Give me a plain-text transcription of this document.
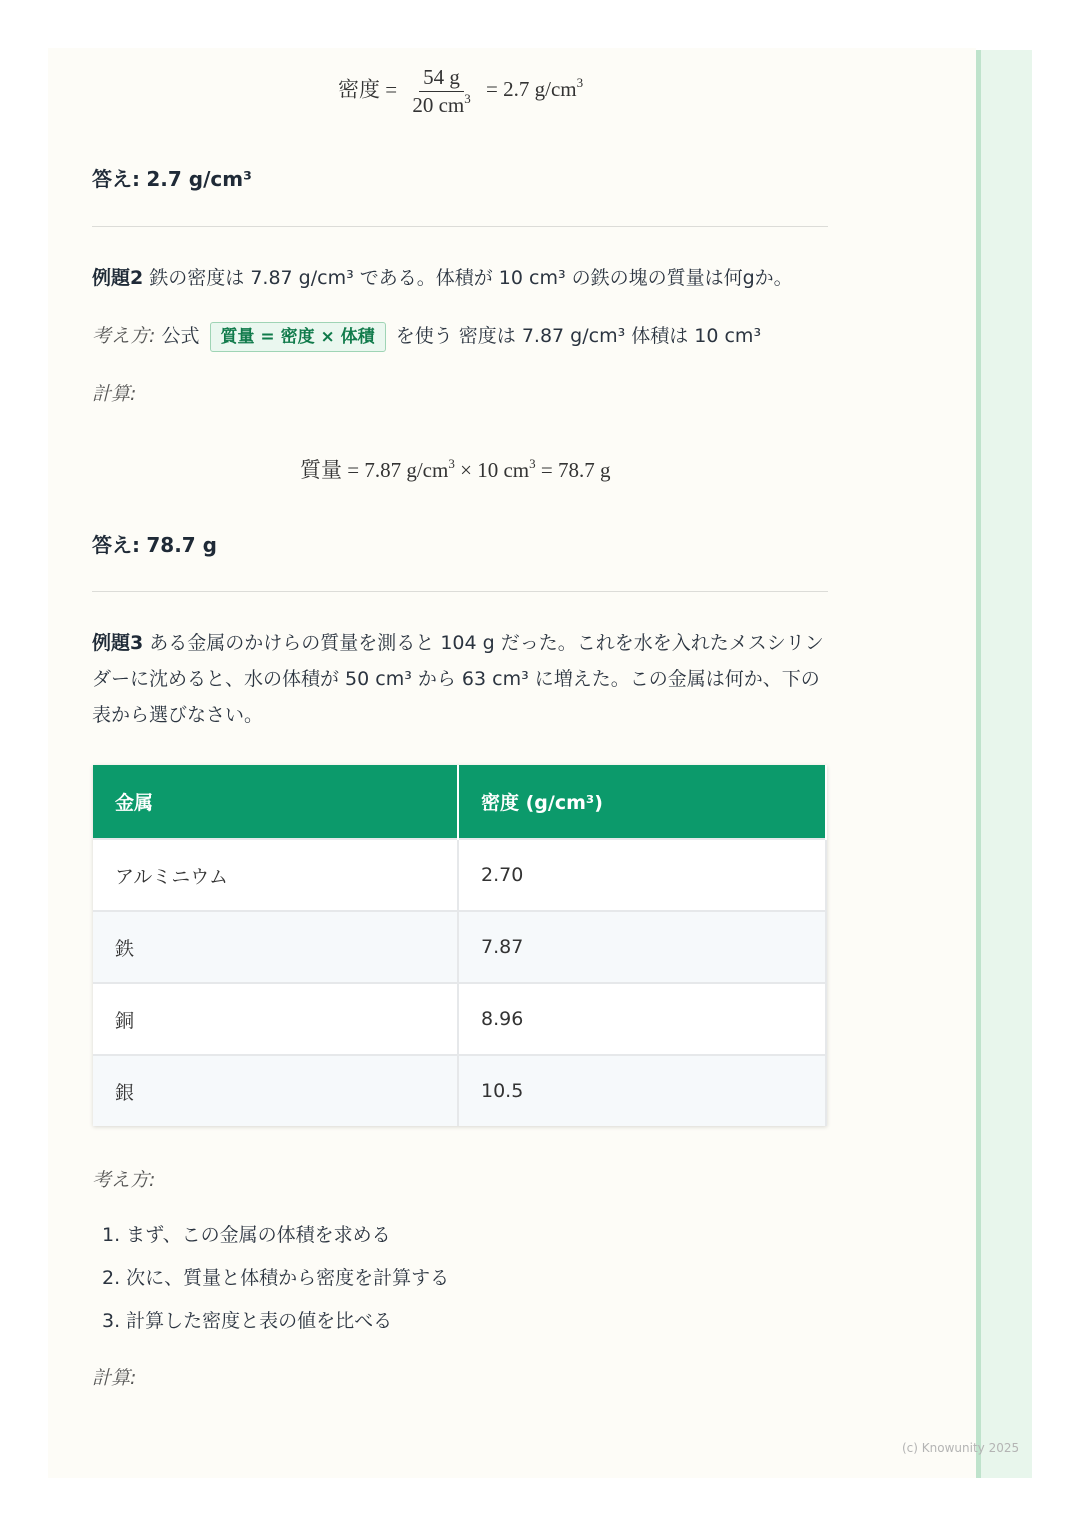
密度 = $\frac{54 g}{20 cm^3} = 2.7$ $g/cm^3$
答え: 2.7 g/cm³
例題2 鉄の密度は 7.87 g/cm³ である。体積が 10 cm³ の鉄の塊の質量は何gか。
考え方: 公式 質量 = 密度 × 体積 を使う 密度は 7.87 g/cm³ 体積は 10 cm³
計算:
質量 = 7.87 $g/cm^3 \times 10$ $cm^3 = 78.7$ g
答え: 78.7 g
例題3 ある金属のかけらの質量を測ると 104 g だった。これを水を入れたメスシリンダーに沈めると、水の体積が 50 cm³ から 63 cm³ に増えた。この金属は何か、下の表から選びなさい。
金属	密度 (g/cm³)
アルミニウム	2.70
鉄	7.87
銅	8.96
銀	10.5
考え方:
1. まず、この金属の体積を求める
2. 次に、質量と体積から密度を計算する
3. 計算した密度と表の値を比べる
計算:
(c) Knowunity 2025
